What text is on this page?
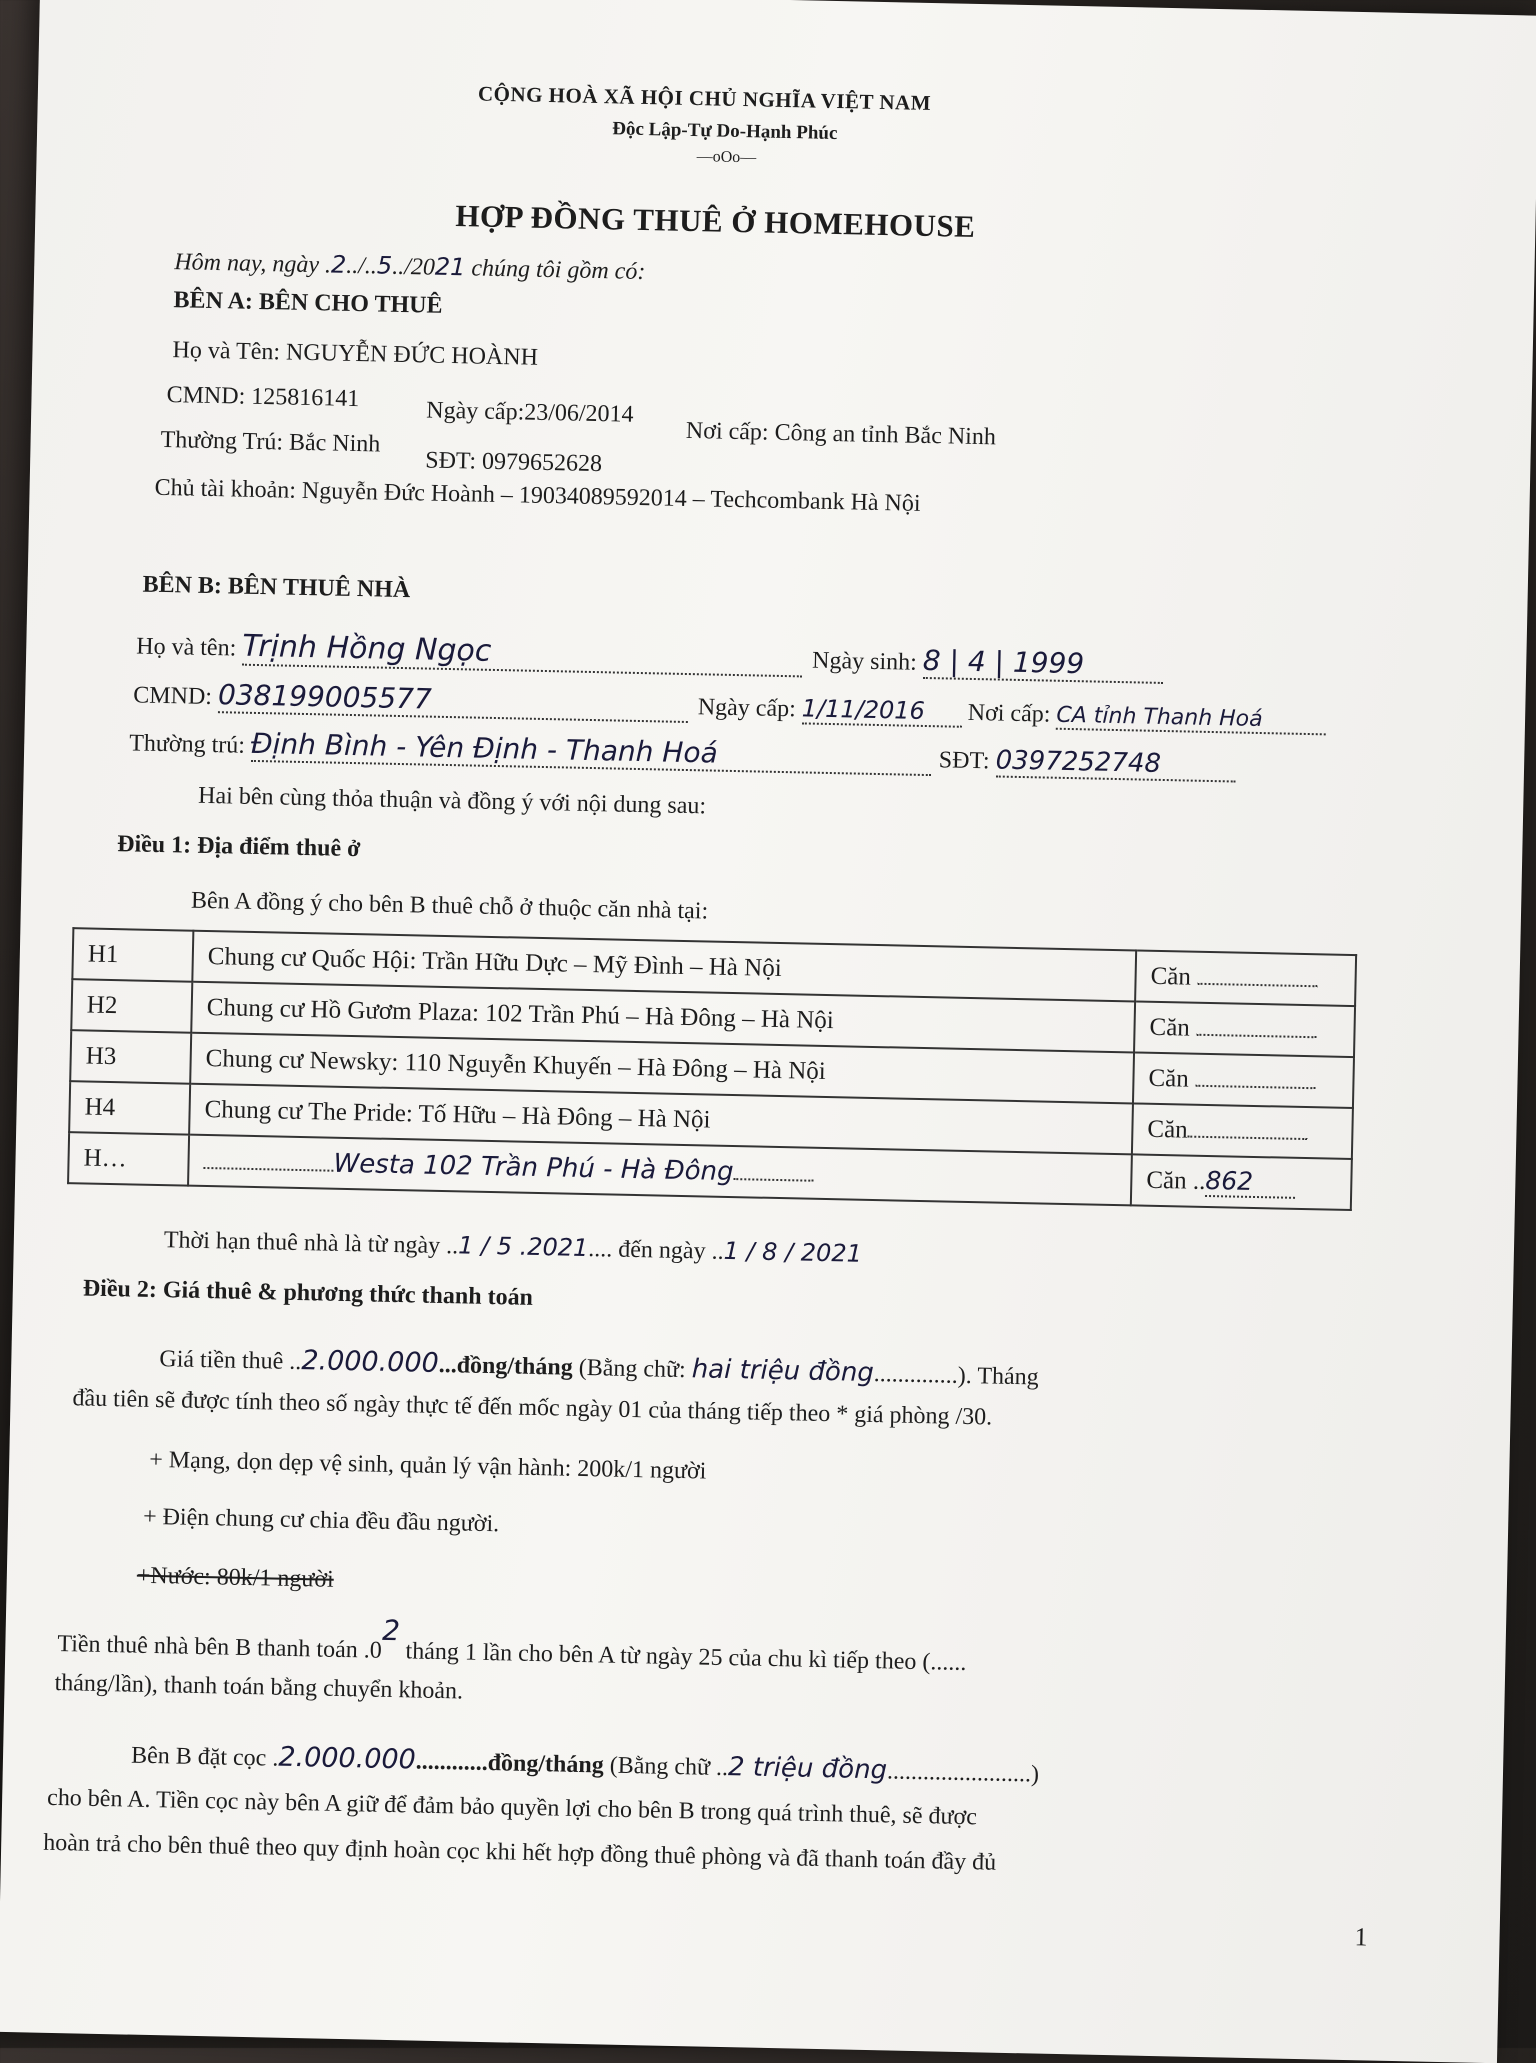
CỘNG HOÀ XÃ HỘI CHỦ NGHĨA VIỆT NAM
Độc Lập-Tự Do-Hạnh Phúc
—oOo—
HỢP ĐỒNG THUÊ Ở HOMEHOUSE
Hôm nay, ngày .2../..5../2021 chúng tôi gồm có:
BÊN A: BÊN CHO THUÊ
Họ và Tên: NGUYỄN ĐỨC HOÀNH
CMND: 125816141
Ngày cấp:23/06/2014
Nơi cấp: Công an tỉnh Bắc Ninh
Thường Trú: Bắc Ninh
SĐT: 0979652628
Chủ tài khoản: Nguyễn Đức Hoành – 19034089592014 – Techcombank Hà Nội
BÊN B: BÊN THUÊ NHÀ
Họ và tên: Trịnh Hồng Ngọc	Ngày sinh: 8 | 4 | 1999
CMND: 038199005577	Ngày cấp: 1/11/2016 Nơi cấp: CA tỉnh Thanh Hoá
Thường trú: Định Bình - Yên Định - Thanh Hoá	SĐT: 0397252748
Hai bên cùng thỏa thuận và đồng ý với nội dung sau:
Điều 1: Địa điểm thuê ở
Bên A đồng ý cho bên B thuê chỗ ở thuộc căn nhà tại:
H1	Chung cư Quốc Hội: Trần Hữu Dực – Mỹ Đình – Hà Nội	Căn
H2	Chung cư Hồ Gươm Plaza: 102 Trần Phú – Hà Đông – Hà Nội	Căn
H3	Chung cư Newsky: 110 Nguyễn Khuyến – Hà Đông – Hà Nội	Căn
H4	Chung cư The Pride: Tố Hữu – Hà Đông – Hà Nội	Căn
H…	Westa 102 Trần Phú - Hà Đông	Căn ..862
Thời hạn thuê nhà là từ ngày ..1 / 5 .2021.... đến ngày ..1 / 8 / 2021
Điều 2: Giá thuê & phương thức thanh toán
Giá tiền thuê ..2.000.000...đồng/tháng (Bằng chữ: hai triệu đồng..............). Tháng
đầu tiên sẽ được tính theo số ngày thực tế đến mốc ngày 01 của tháng tiếp theo * giá phòng /30.
+ Mạng, dọn dẹp vệ sinh, quản lý vận hành: 200k/1 người
+ Điện chung cư chia đều đầu người.
+Nước: 80k/1 người
Tiền thuê nhà bên B thanh toán .02 tháng 1 lần cho bên A từ ngày 25 của chu kì tiếp theo (......
tháng/lần), thanh toán bằng chuyển khoản.
Bên B đặt cọc .2.000.000............đồng/tháng (Bằng chữ ..2 triệu đồng........................)
cho bên A. Tiền cọc này bên A giữ để đảm bảo quyền lợi cho bên B trong quá trình thuê, sẽ được
hoàn trả cho bên thuê theo quy định hoàn cọc khi hết hợp đồng thuê phòng và đã thanh toán đầy đủ
1
